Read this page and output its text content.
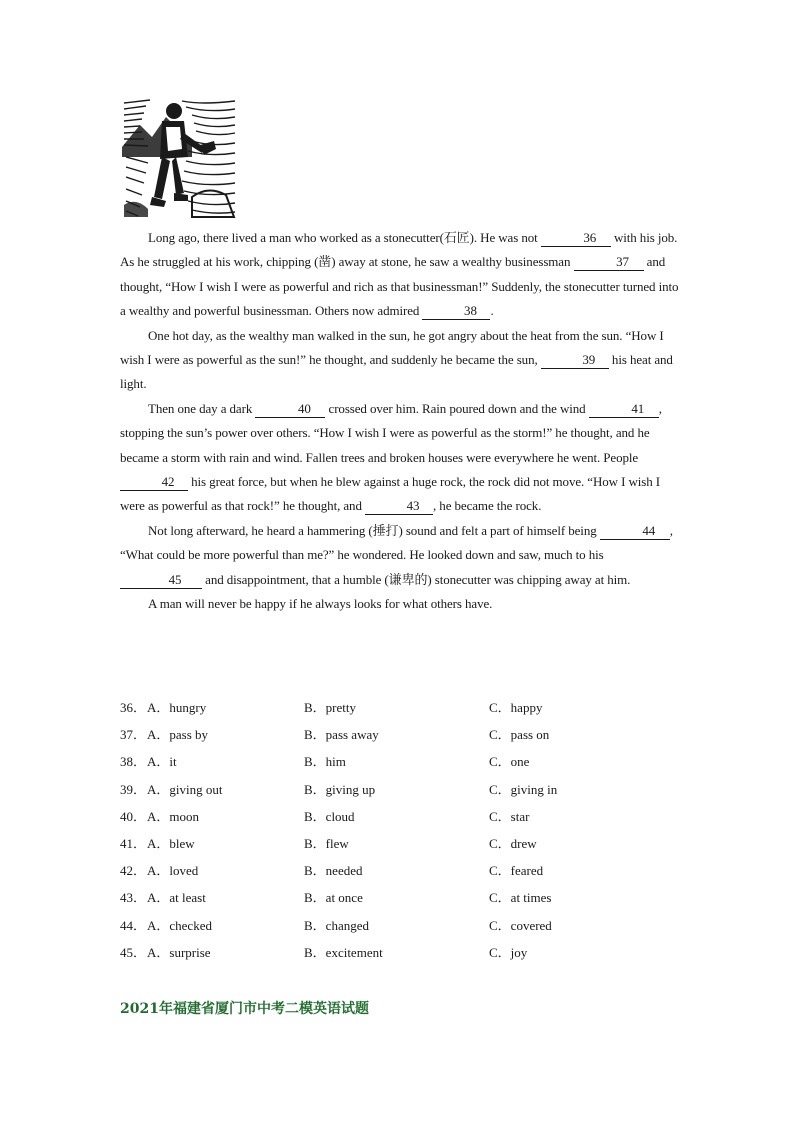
Long ago, there lived a man who worked as a stonecutter(石匠). He was not	36 with his job. As he struggled at his work, chipping (凿) away at stone, he saw a wealthy businessman	37 and thought, “How I wish I were as powerful and rich as that businessman!” Suddenly, the stonecutter turned into a wealthy and powerful businessman. Others now admired	38 .

One hot day, as the wealthy man walked in the sun, he got angry about the heat from the sun. “How I wish I were as powerful as the sun!” he thought, and suddenly he became the sun,	39 his heat and light.

Then one day a dark	40 crossed over him. Rain poured down and the wind	41 , stopping the sun’s power over others. “How I wish I were as powerful as the storm!” he thought, and he became a storm with rain and wind. Fallen trees and broken houses were everywhere he went. People 42 his great force, but when he blew against a huge rock, the rock did not move. “How I wish I were as powerful as that rock!” he thought, and	43 , he became the rock.

Not long afterward, he heard a hammering (捶打) sound and felt a part of himself being	44 , “What could be more powerful than me?” he wondered. He looked down and saw, much to his 45 and disappointment, that a humble (谦卑的) stonecutter was chipping away at him.

A man will never be happy if he always looks for what others have.

36． A．hungry	B．pretty	C．happy
37． A．pass by	B．pass away	C．pass on
38． A．it	B．him	C．one
39． A．giving out	B．giving up	C．giving in
40． A．moon	B．cloud	C．star
41． A．blew	B．flew	C．drew
42． A．loved	B．needed	C．feared
43． A．at least	B．at once	C．at times
44． A．checked	B．changed	C．covered
45． A．surprise	B．excitement	C．joy
2021年福建省厦门市中考二模英语试题
